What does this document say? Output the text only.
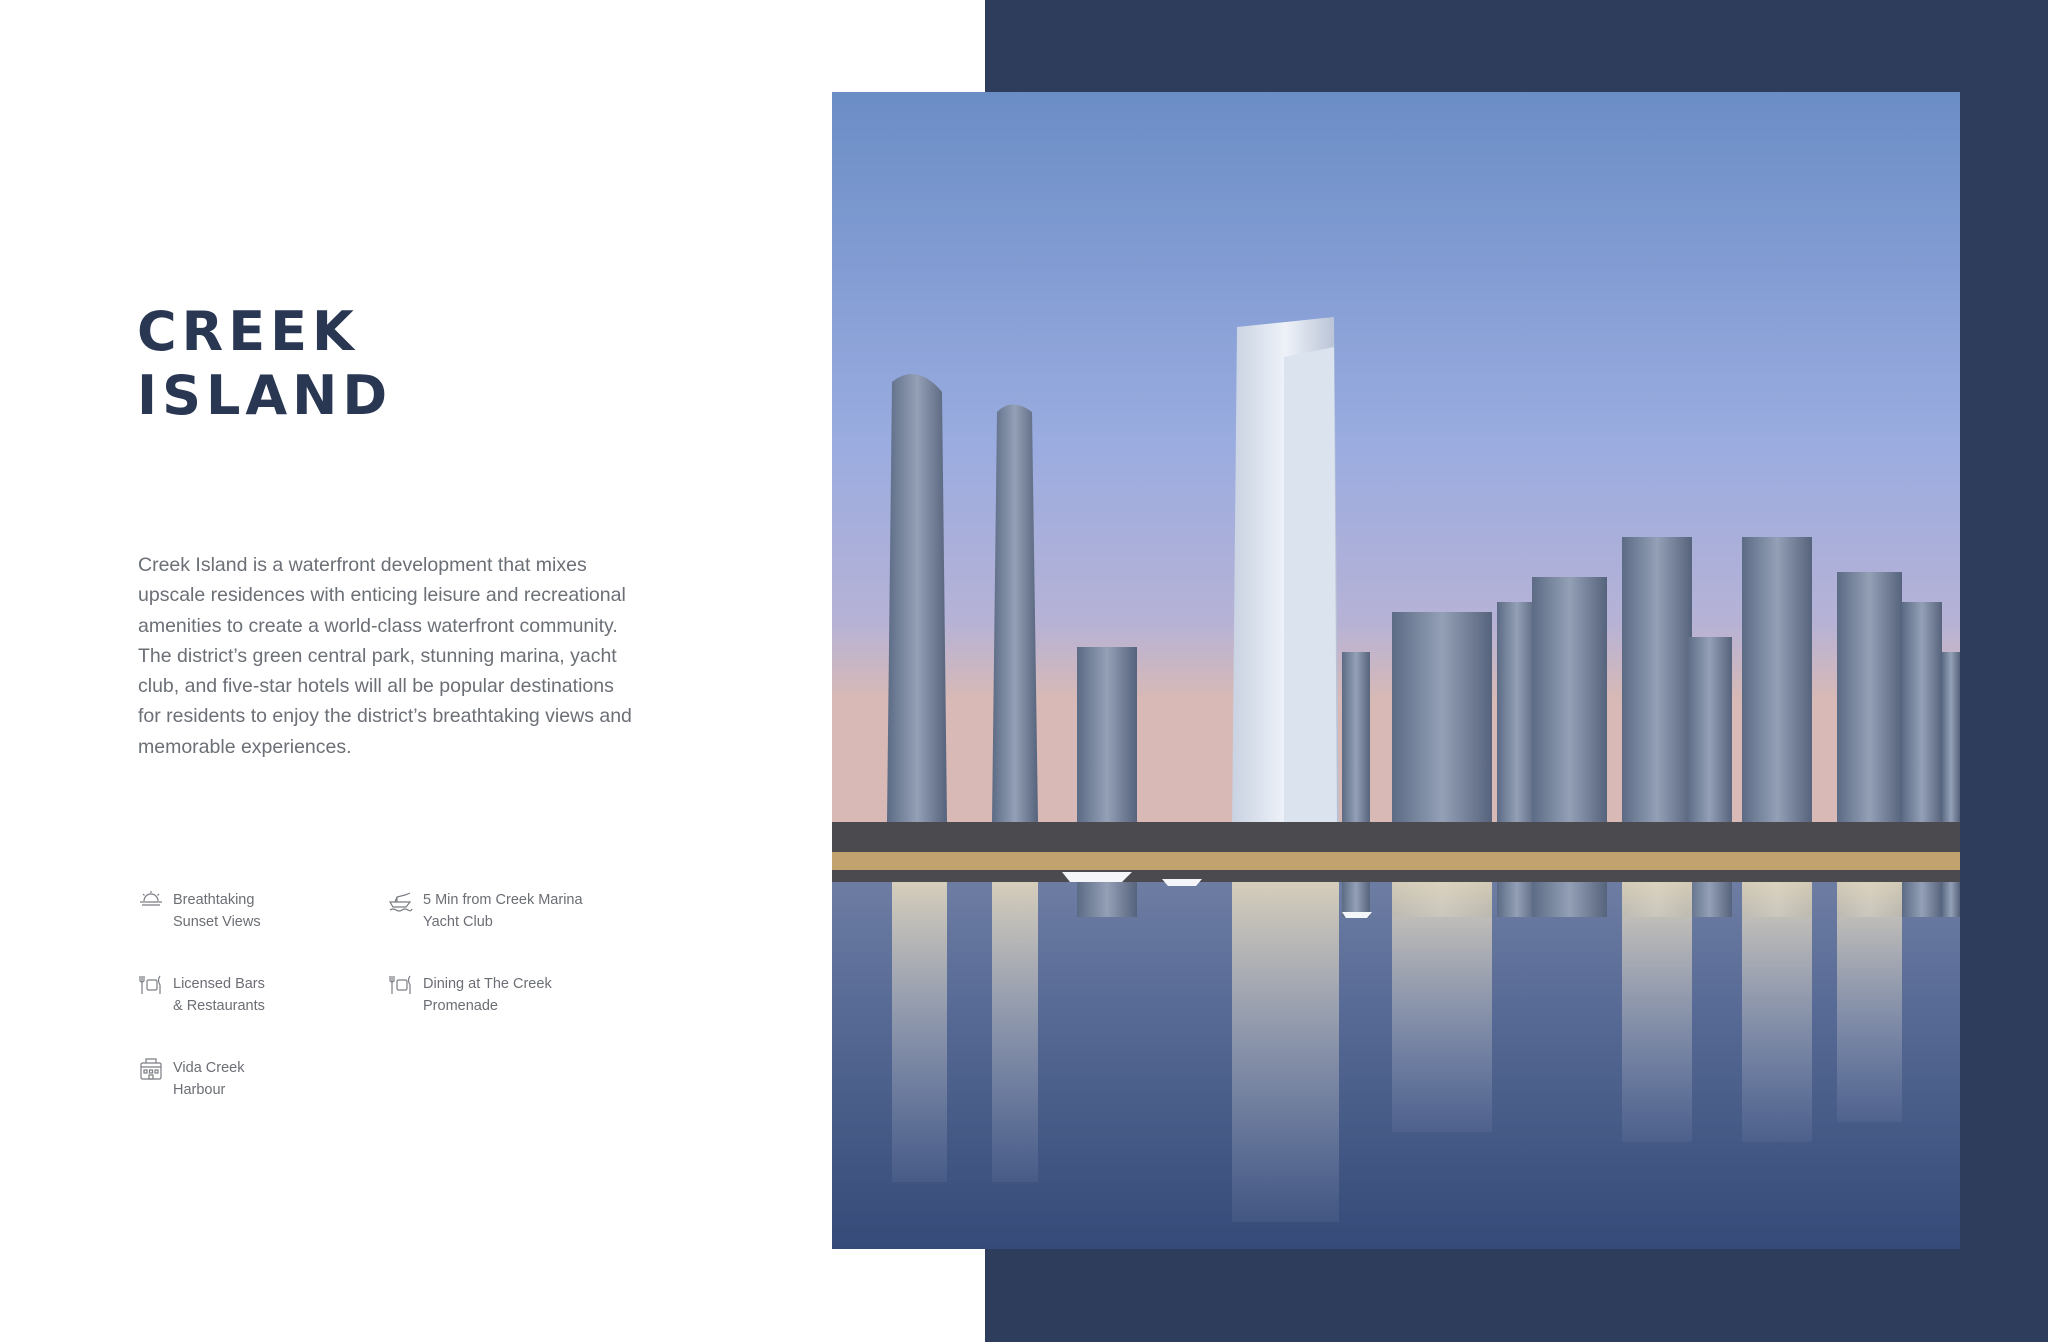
CREEK
ISLAND

Creek Island is a waterfront development that mixes upscale residences with enticing leisure and recreational amenities to create a world-class waterfront community. The district’s green central park, stunning marina, yacht club, and five-star hotels will all be popular destinations for residents to enjoy the district’s breathtaking views and memorable experiences.

Breathtaking
Sunset Views
5 Min from Creek Marina
Yacht Club
Licensed Bars
& Restaurants
Dining at The Creek
Promenade
Vida Creek
Harbour
